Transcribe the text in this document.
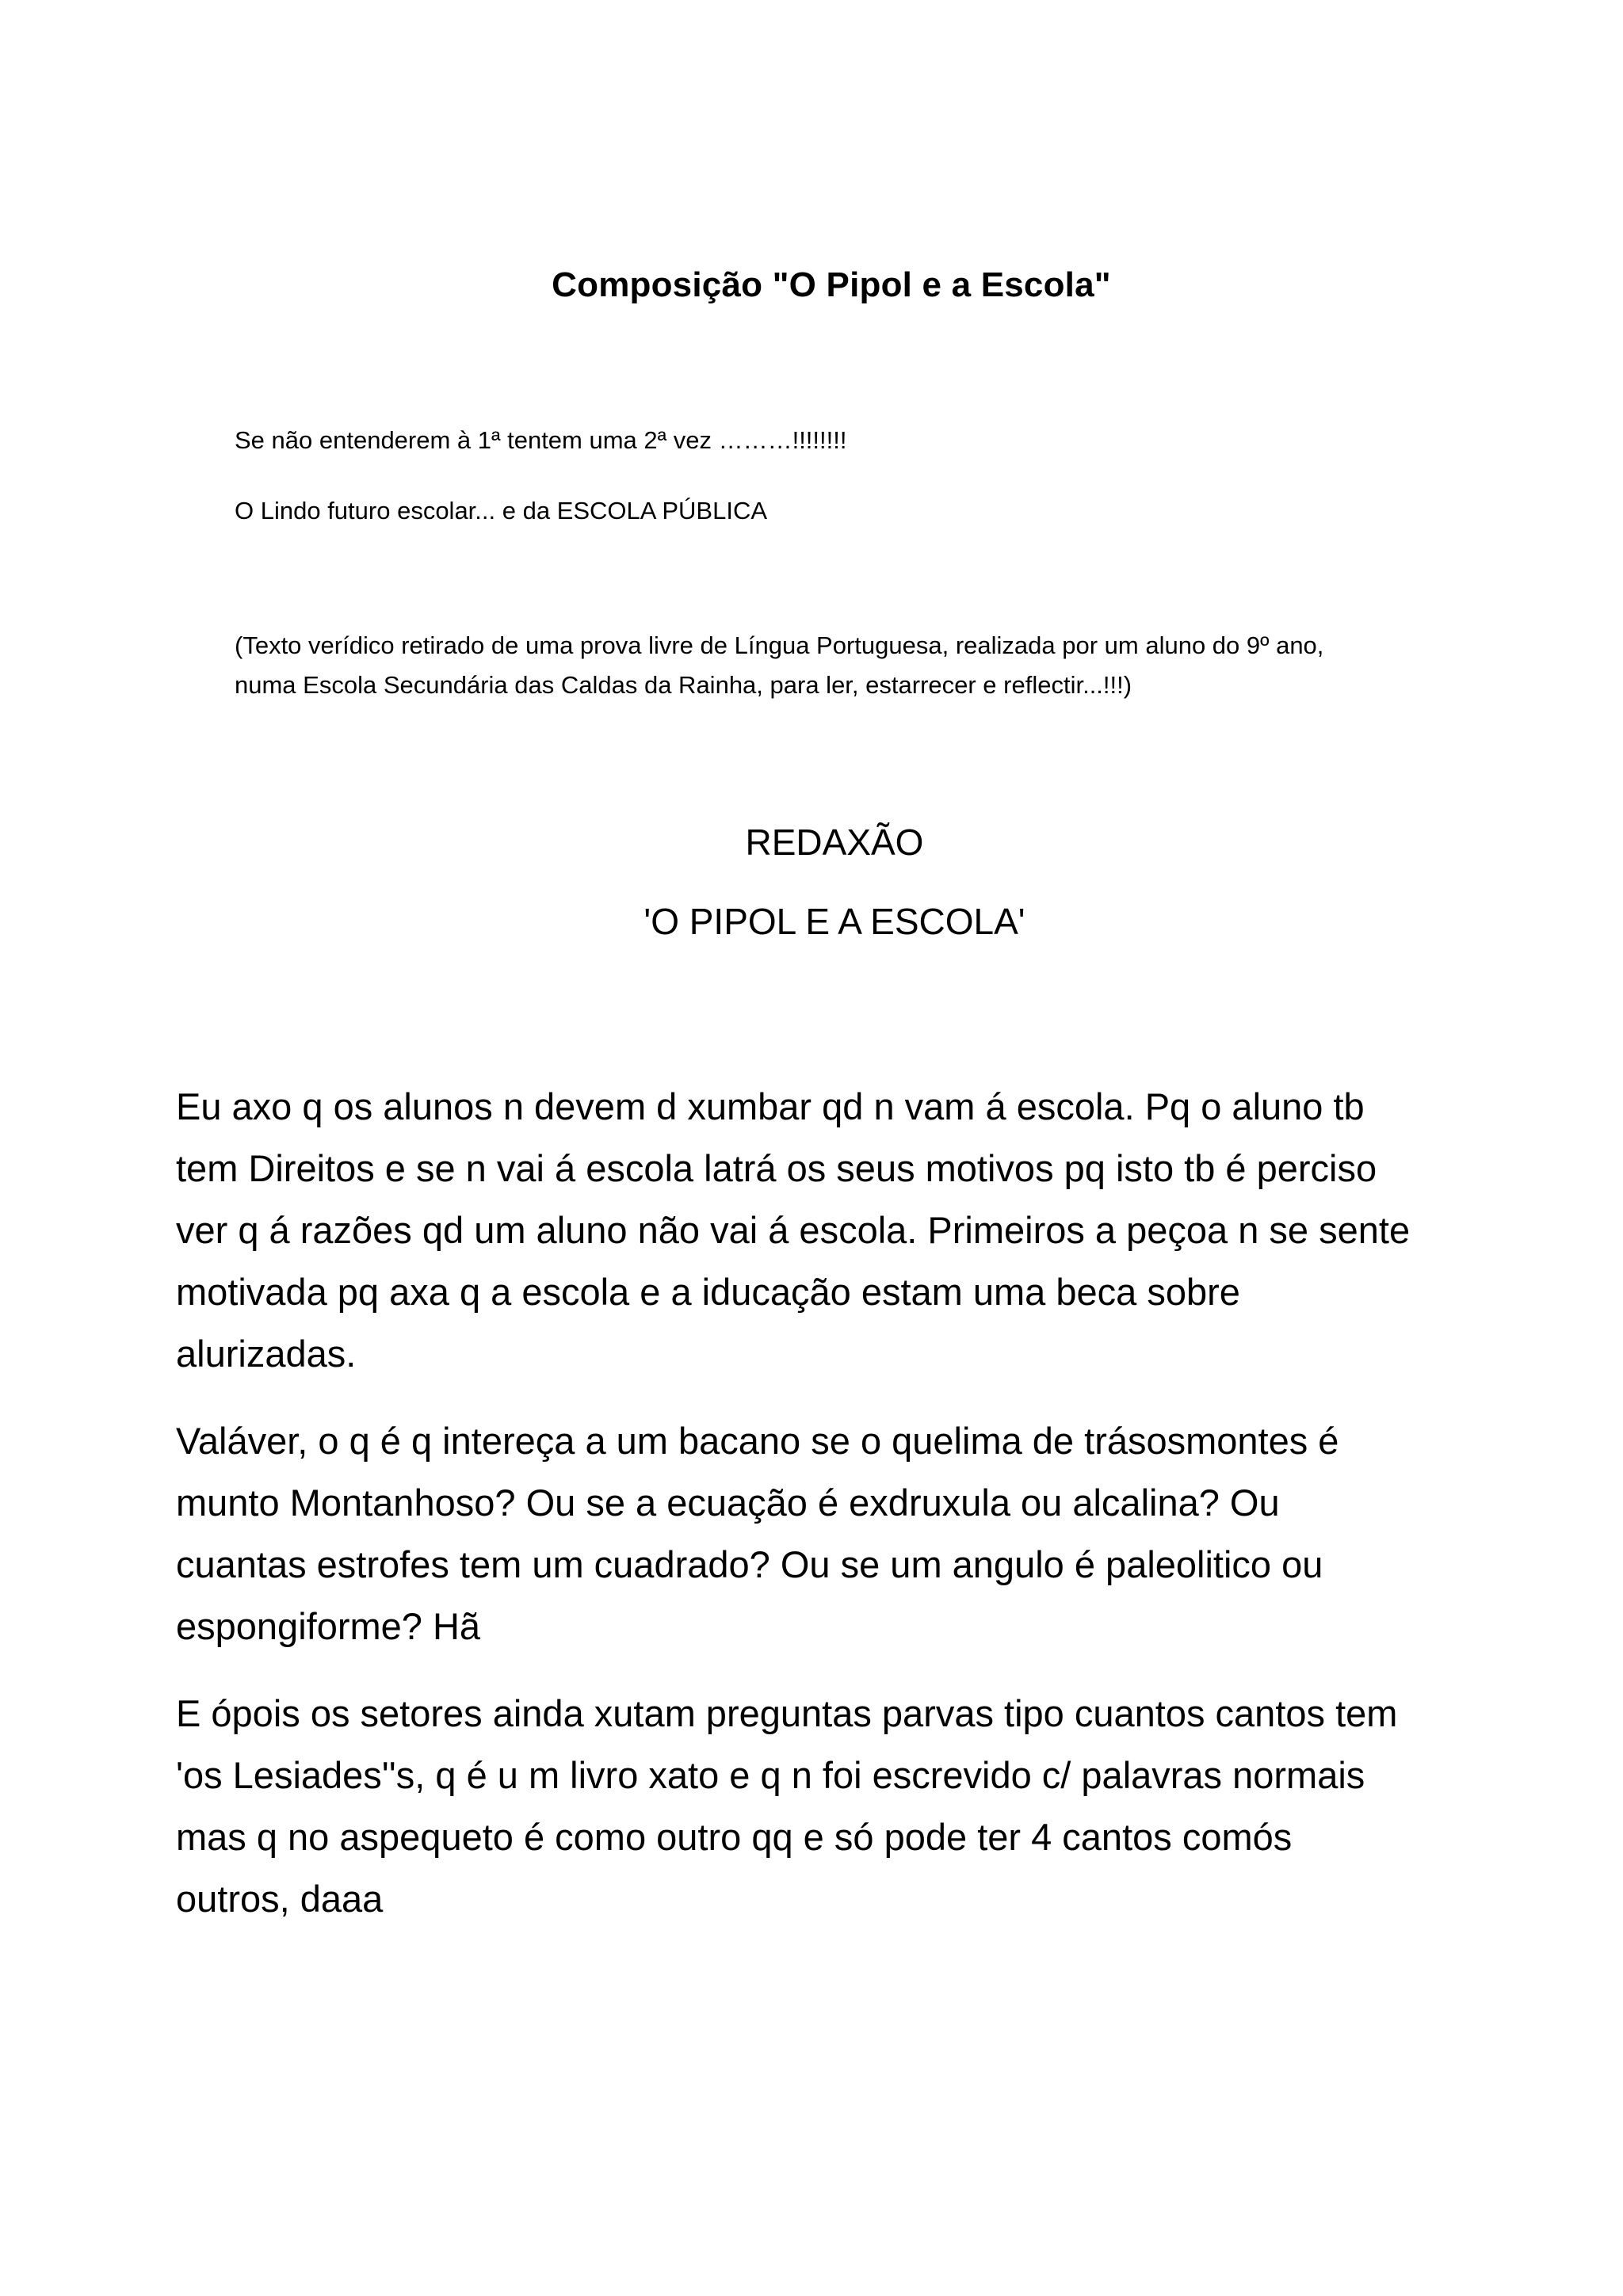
Composição "O Pipol e a Escola"
Se não entenderem à 1ª tentem uma 2ª vez ………!!!!!!!!
O Lindo futuro escolar... e da ESCOLA PÚBLICA

(Texto verídico retirado de uma prova livre de Língua Portuguesa, realizada por um aluno do 9º ano,

numa Escola Secundária das Caldas da Rainha, para ler, estarrecer e reflectir...!!!)

REDAXÃO
'O PIPOL E A ESCOLA'

Eu axo q os alunos n devem d xumbar qd n vam á escola. Pq o aluno tb

tem Direitos e se n vai á escola latrá os seus motivos pq isto tb é perciso

ver q á razões qd um aluno não vai á escola. Primeiros a peçoa n se sente

motivada pq axa q a escola e a iducação estam uma beca sobre

alurizadas.

Valáver, o q é q intereça a um bacano se o quelima de trásosmontes é

munto Montanhoso? Ou se a ecuação é exdruxula ou alcalina? Ou

cuantas estrofes tem um cuadrado? Ou se um angulo é paleolitico ou

espongiforme? Hã

E ópois os setores ainda xutam preguntas parvas tipo cuantos cantos tem

'os Lesiades''s, q é u m livro xato e q n foi escrevido c/ palavras normais

mas q no aspequeto é como outro qq e só pode ter 4 cantos comós

outros, daaa
